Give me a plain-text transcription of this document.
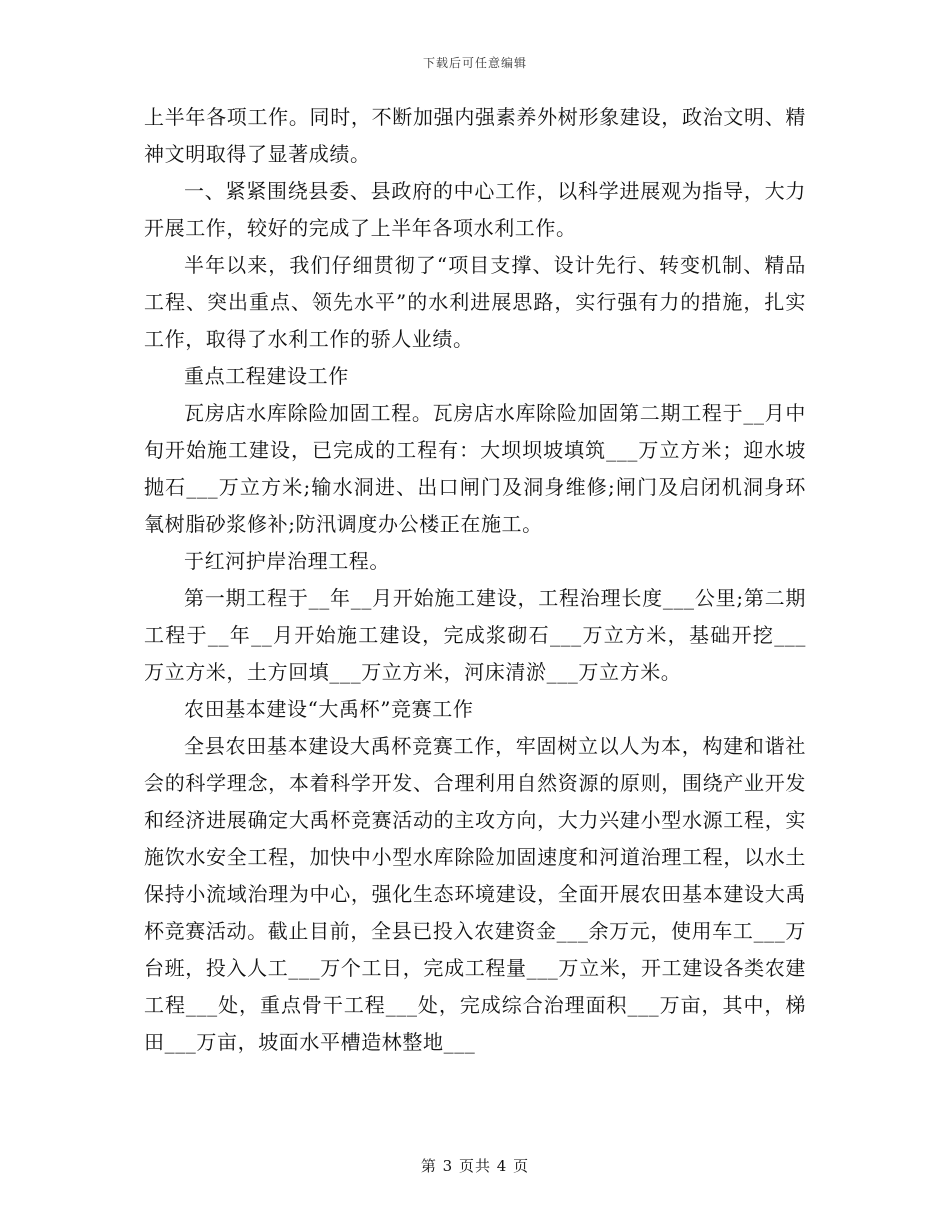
下载后可任意编辑

上半年各项工作。同时，不断加强内强素养外树形象建设，政治文明、精神文明取得了显著成绩。

一、紧紧围绕县委、县政府的中心工作，以科学进展观为指导，大力开展工作，较好的完成了上半年各项水利工作。

半年以来，我们仔细贯彻了“项目支撑、设计先行、转变机制、精品工程、突出重点、领先水平”的水利进展思路，实行强有力的措施，扎实工作，取得了水利工作的骄人业绩。

重点工程建设工作

瓦房店水库除险加固工程。瓦房店水库除险加固第二期工程于__月中旬开始施工建设，已完成的工程有：大坝坝坡填筑___万立方米；迎水坡抛石___万立方米;输水洞进、出口闸门及洞身维修;闸门及启闭机洞身环氧树脂砂浆修补;防汛调度办公楼正在施工。

于红河护岸治理工程。

第一期工程于__年__月开始施工建设，工程治理长度___公里;第二期工程于__年__月开始施工建设，完成浆砌石___万立方米，基础开挖___万立方米，土方回填___万立方米，河床清淤___万立方米。

农田基本建设“大禹杯”竞赛工作

全县农田基本建设大禹杯竞赛工作，牢固树立以人为本，构建和谐社会的科学理念，本着科学开发、合理利用自然资源的原则，围绕产业开发和经济进展确定大禹杯竞赛活动的主攻方向，大力兴建小型水源工程，实施饮水安全工程，加快中小型水库除险加固速度和河道治理工程，以水土保持小流域治理为中心，强化生态环境建设，全面开展农田基本建设大禹杯竞赛活动。截止目前，全县已投入农建资金___余万元，使用车工___万台班，投入人工___万个工日，完成工程量___万立米，开工建设各类农建工程___处，重点骨干工程___处，完成综合治理面积___万亩，其中，梯田___万亩，坡面水平槽造林整地___

第 3 页共 4 页
